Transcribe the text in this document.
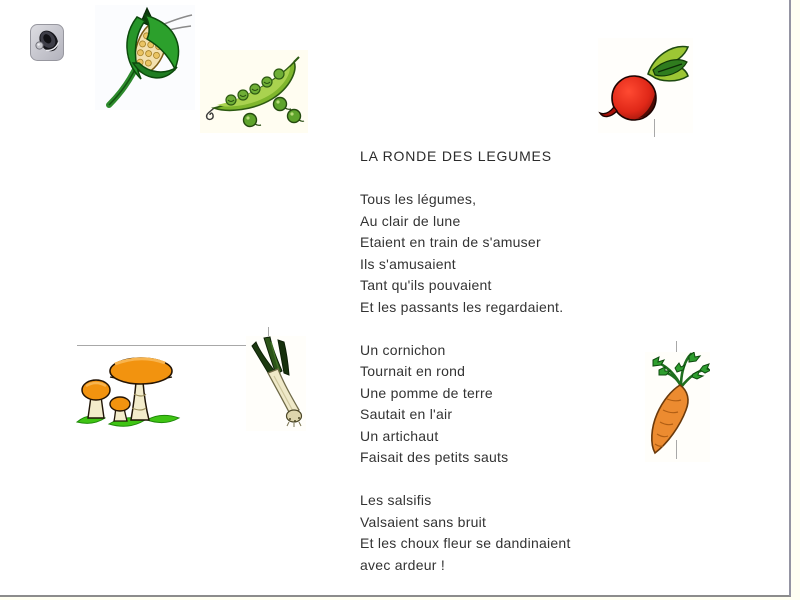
LA RONDE DES LEGUMES
Tous les légumes,
Au clair de lune
Etaient en train de s'amuser
Ils s'amusaient
Tant qu'ils pouvaient
Et les passants les regardaient.
Un cornichon
Tournait en rond
Une pomme de terre
Sautait en l'air
Un artichaut
Faisait des petits sauts
Les salsifis
Valsaient sans bruit
Et les choux fleur se dandinaient
avec ardeur !
